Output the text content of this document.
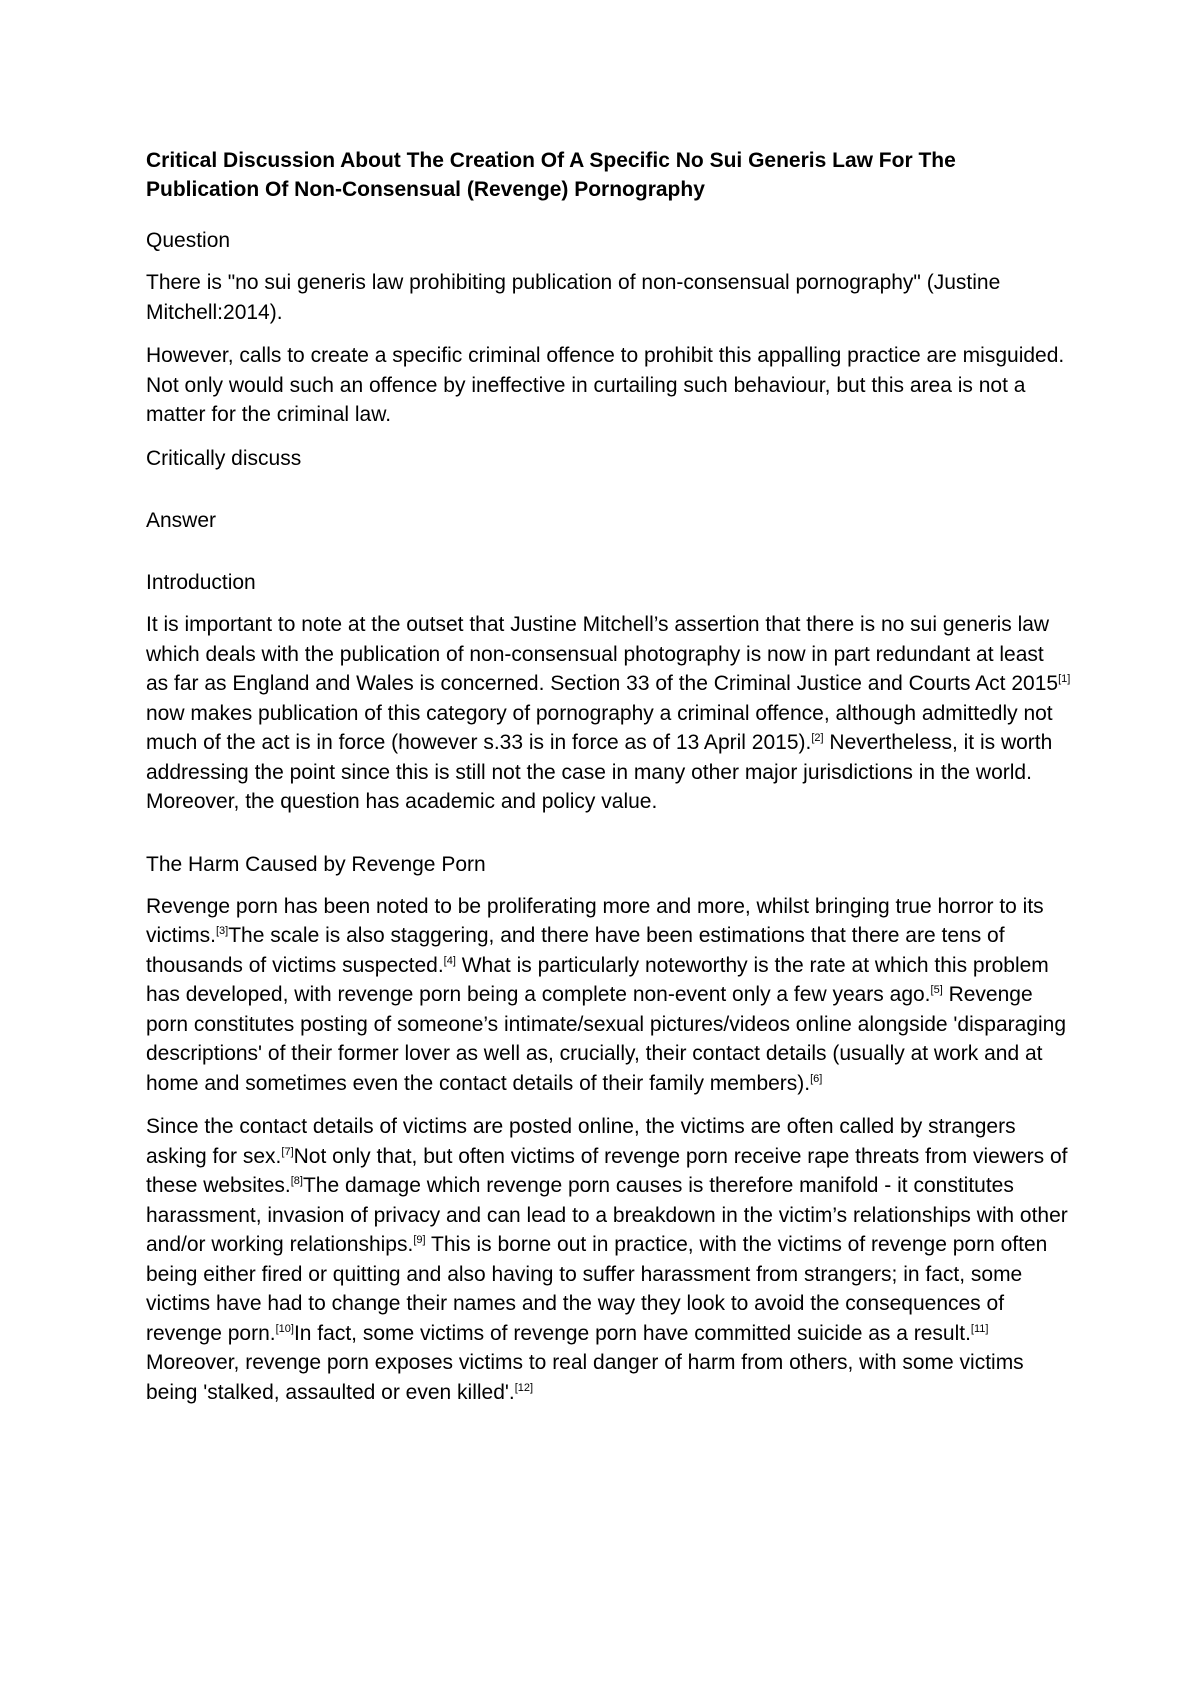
Critical Discussion About The Creation Of A Specific No Sui Generis Law For The Publication Of Non-Consensual (Revenge) Pornography

Question

There is "no sui generis law prohibiting publication of non-consensual pornography" (Justine Mitchell:2014).

However, calls to create a specific criminal offence to prohibit this appalling practice are misguided. Not only would such an offence by ineffective in curtailing such behaviour, but this area is not a matter for the criminal law.

Critically discuss

Answer

Introduction

It is important to note at the outset that Justine Mitchell’s assertion that there is no sui generis law which deals with the publication of non-consensual photography is now in part redundant at least as far as England and Wales is concerned. Section 33 of the Criminal Justice and Courts Act 2015[1] now makes publication of this category of pornography a criminal offence, although admittedly not much of the act is in force (however s.33 is in force as of 13 April 2015).[2] Nevertheless, it is worth addressing the point since this is still not the case in many other major jurisdictions in the world. Moreover, the question has academic and policy value.

The Harm Caused by Revenge Porn

Revenge porn has been noted to be proliferating more and more, whilst bringing true horror to its victims.[3]The scale is also staggering, and there have been estimations that there are tens of thousands of victims suspected.[4] What is particularly noteworthy is the rate at which this problem has developed, with revenge porn being a complete non-event only a few years ago.[5] Revenge porn constitutes posting of someone’s intimate/sexual pictures/videos online alongside 'disparaging descriptions' of their former lover as well as, crucially, their contact details (usually at work and at home and sometimes even the contact details of their family members).[6]

Since the contact details of victims are posted online, the victims are often called by strangers asking for sex.[7]Not only that, but often victims of revenge porn receive rape threats from viewers of these websites.[8]The damage which revenge porn causes is therefore manifold - it constitutes harassment, invasion of privacy and can lead to a breakdown in the victim’s relationships with other and/or working relationships.[9] This is borne out in practice, with the victims of revenge porn often being either fired or quitting and also having to suffer harassment from strangers; in fact, some victims have had to change their names and the way they look to avoid the consequences of revenge porn.[10]In fact, some victims of revenge porn have committed suicide as a result.[11] Moreover, revenge porn exposes victims to real danger of harm from others, with some victims being 'stalked, assaulted or even killed'.[12]
